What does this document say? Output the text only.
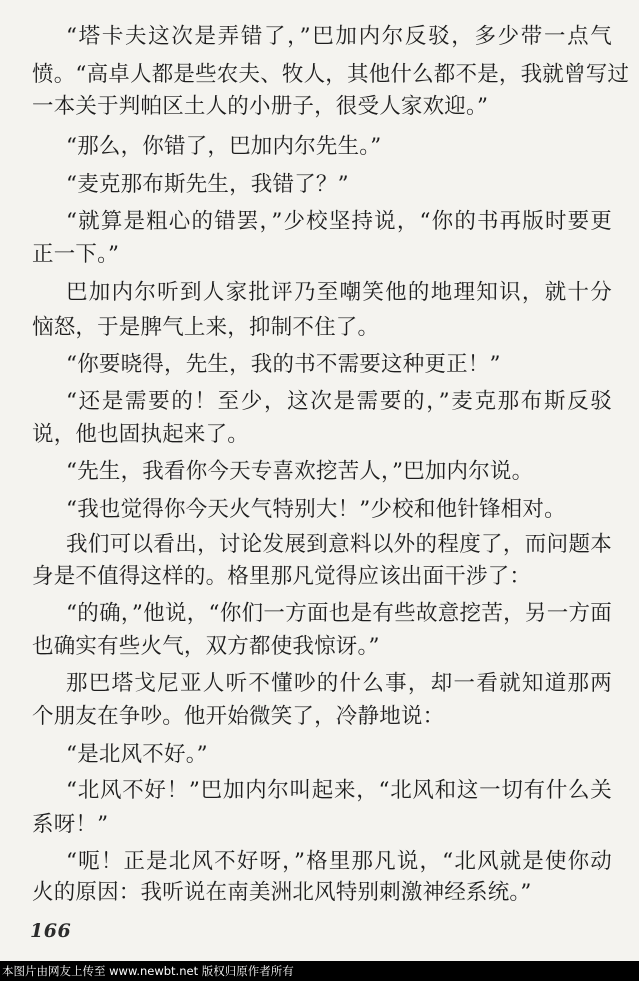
“塔卡夫这次是弄错了，”巴加内尔反驳，多少带一点气
愤。“高卓人都是些农夫、牧人，其他什么都不是，我就曾写过
一本关于判帕区土人的小册子，很受人家欢迎。”
“那么，你错了，巴加内尔先生。”
“麦克那布斯先生，我错了？”
“就算是粗心的错罢，”少校坚持说，“你的书再版时要更
正一下。”
巴加内尔听到人家批评乃至嘲笑他的地理知识，就十分
恼怒，于是脾气上来，抑制不住了。
“你要晓得，先生，我的书不需要这种更正！”
“还是需要的！至少，这次是需要的，”麦克那布斯反驳
说，他也固执起来了。
“先生，我看你今天专喜欢挖苦人，”巴加内尔说。
“我也觉得你今天火气特别大！”少校和他针锋相对。
我们可以看出，讨论发展到意料以外的程度了，而问题本
身是不值得这样的。格里那凡觉得应该出面干涉了：
“的确，”他说，“你们一方面也是有些故意挖苦，另一方面
也确实有些火气，双方都使我惊讶。”
那巴塔戈尼亚人听不懂吵的什么事，却一看就知道那两
个朋友在争吵。他开始微笑了，冷静地说：
“是北风不好。”
“北风不好！”巴加内尔叫起来，“北风和这一切有什么关
系呀！”
“呃！正是北风不好呀，”格里那凡说，“北风就是使你动
火的原因：我听说在南美洲北风特别刺激神经系统。”
166
本图片由网友上传至 www.newbt.net 版权归原作者所有
